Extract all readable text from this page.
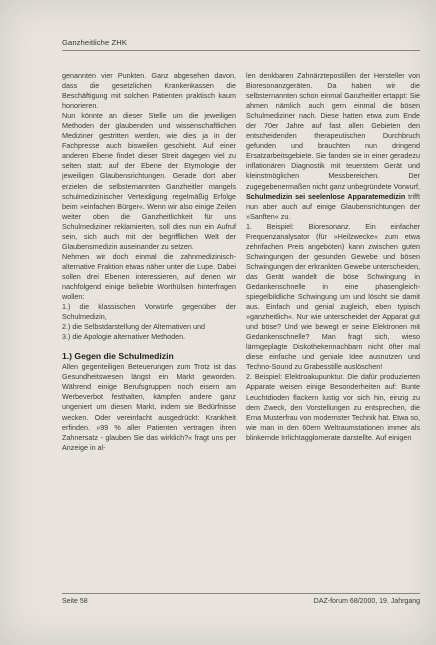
Ganzheitliche ZHK

genannten vier Punkten. Ganz abgesehen davon, dass die gesetzlichen Krankenkassen die Beschäftigung mit solchen Patienten praktisch kaum honorieren.

Nun könnte an dieser Stelle um die jeweiligen Methoden der glaubenden und wissenschaftlichen Mediziner gestritten werden, wie dies ja in der Fachpresse auch bisweilen geschieht. Auf einer anderen Ebene findet dieser Streit dagegen viel zu selten statt: auf der Ebene der Etymologie der jeweiligen Glaubensrichtungen. Gerade dort aber erzielen die selbsternannten Ganzheitler mangels schulmedizinischer Verteidigung regelmäßig Erfolge beim »einfachen Bürger«. Wenn wir also einige Zeilen weiter oben die Ganzheitlichkeit für uns Schulmediziner reklamierten, soll dies nun ein Aufruf sein, sich auch mit der begrifflichen Welt der Glaubensmedizin auseinander zu setzen.

Nehmen wir doch einmal die zahnmedizinisch-alternative Fraktion etwas näher unter die Lupe. Dabei sollen drei Ebenen interessieren, auf denen wir nachfolgend einige beliebte Worthülsen hinterfragen wollen:

1.) die klassischen Vorwürfe gegenüber der Schulmedizin,

2.) die Selbstdarstellung der Alternativen und

3.) die Apologie alternativer Methoden.

1.) Gegen die Schulmedizin

Allen gegenteiligen Beteuerungen zum Trotz ist das Gesundheitswesen längst ein Markt geworden. Während einige Berufsgruppen noch eisern am Werbeverbot festhalten, kämpfen andere ganz ungeniert um diesen Markt, indem sie Bedürfnisse wecken. Oder vereinfacht ausgedrückt: Krankheit erfinden. »99 % aller Patienten vertragen ihren Zahnersatz - glauben Sie das wirklich?« fragt uns per Anzeige in al-

len denkbaren Zahnärztepostillen der Hersteller von Bioresonanzgeräten. Da haben wir die selbsternannten schon einmal Ganzheitler ertappt: Sie ahmen nämlich auch gern einmal die bösen Schulmediziner nach. Diese hatten etwa zum Ende der 70er Jahre auf fast allen Gebieten den entscheidenden therapeutischen Durchbruch gefunden und brauchten nun dringend Ersatzarbeitsgebiete. Sie fanden sie in einer geradezu inflationären Diagnostik mit teuerstem Gerät und kleinstmöglichen Messbereichen. Der zugegebenermaßen nicht ganz unbegründete Vorwurf, Schulmedizin sei seelenlose Apparatemedizin trifft nun aber auch auf einige Glaubensrichtungen der »Sanften« zu.

1. Beispiel: Bioresonanz. Ein einfacher Frequenzanalysator (für »Heilzwecke« zum etwa zehnfachen Preis angeboten) kann zwischen guten Schwingungen der gesunden Gewebe und bösen Schwingungen der erkrankten Gewebe unterscheiden, das Gerät wandelt die böse Schwingung in Gedankenschnelle in eine phasengleich-spiegelbildliche Schwingung um und löscht sie damit aus. Einfach und genial zugleich, eben typisch »ganzheitlich«. Nur wie unterscheidet der Apparat gut und böse? Und wie bewegt er seine Elektronen mit Gedankenschnelle? Man fragt sich, wieso lärmgeplagte Diskothekennachbarn nicht öfter mal diese einfache und geniale Idee ausnutzen und Techno-Sound zu Grabesstille auslöschen!

2. Beispiel: Elektroakupunktur. Die dafür produzierten Apparate weisen einige Besonderheiten auf: Bunte Leuchtdioden flackern lustig vor sich hin, einzig zu dem Zweck, den Vorstellungen zu entsprechen, die Erna Musterfrau von modernster Technik hat. Etwa so, wie man in den 60ern Weltraumstationen immer als blinkernde Irrlichtagglomerate darstellte. Auf einigen

Seite 58	DAZ-forum 68/2000, 19. Jahrgang
